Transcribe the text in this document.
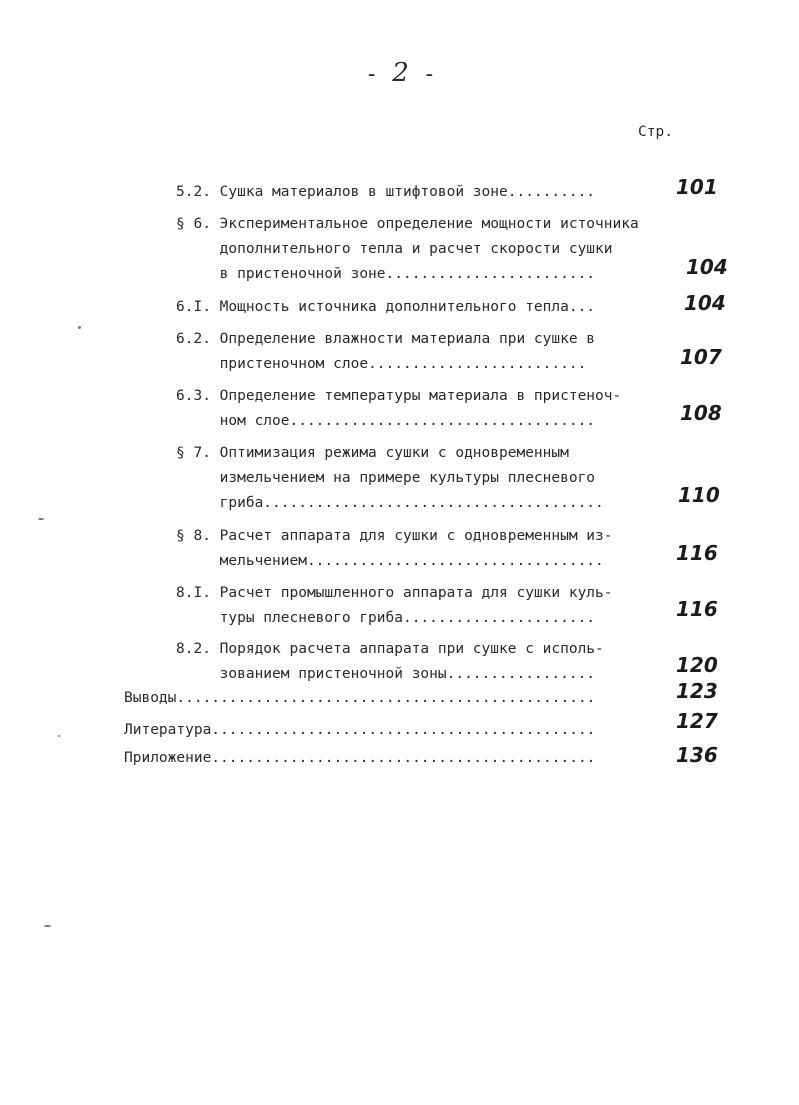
- 2 -
Стр.
5.2. Сушка материалов в штифтовой зоне..........	101
§ 6. Экспериментальное определение мощности источника
дополнительного тепла и расчет скорости сушки
в пристеночной зоне........................	104
6.I. Мощность источника дополнительного тепла...	104
6.2. Определение влажности материала при сушке в
пристеночном слое.........................	107
6.3. Определение температуры материала в пристеноч-
ном слое...................................	108
§ 7. Оптимизация режима сушки с одновременным
измельчением на примере культуры плесневого
гриба.......................................	110
§ 8. Расчет аппарата для сушки с одновременным из-
мельчением..................................	116
8.I. Расчет промышленного аппарата для сушки куль-
туры плесневого гриба......................	116
8.2. Порядок расчета аппарата при сушке с исполь-
зованием пристеночной зоны.................	120
Выводы................................................	123
Литература............................................	127
Приложение............................................	136
